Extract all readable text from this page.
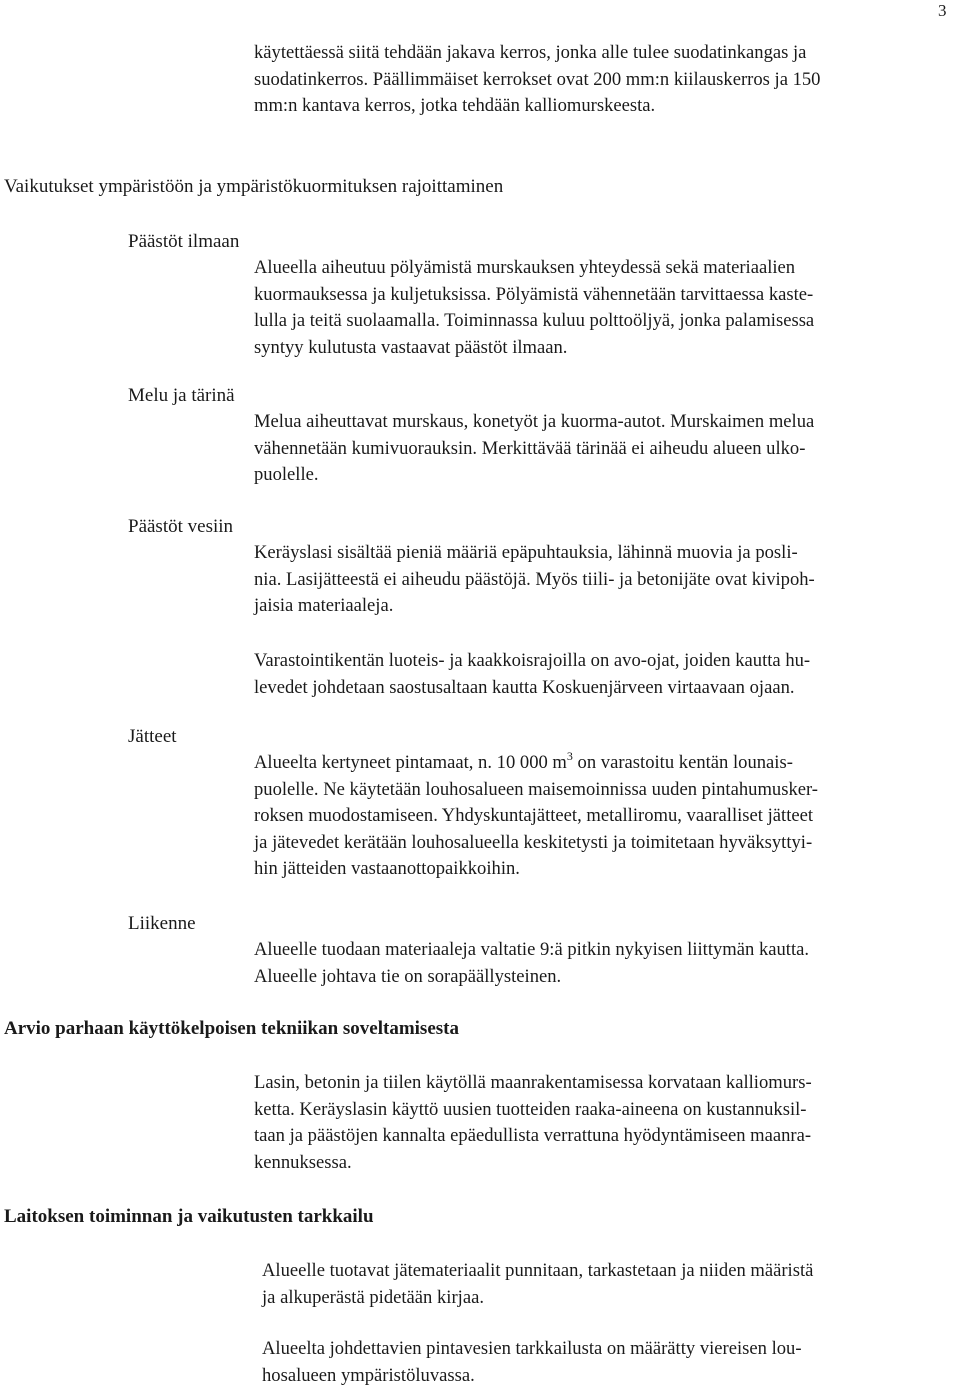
3
käytettäessä siitä tehdään jakava kerros, jonka alle tulee suodatinkangas ja
suodatinkerros. Päällimmäiset kerrokset ovat 200 mm:n kiilauskerros ja 150
mm:n kantava kerros, jotka tehdään kalliomurskeesta.
Vaikutukset ympäristöön ja ympäristökuormituksen rajoittaminen
Päästöt ilmaan
Alueella aiheutuu pölyämistä murskauksen yhteydessä sekä materiaalien
kuormauksessa ja kuljetuksissa. Pölyämistä vähennetään tarvittaessa kaste-
lulla ja teitä suolaamalla. Toiminnassa kuluu polttoöljyä, jonka palamisessa
syntyy kulutusta vastaavat päästöt ilmaan.
Melu ja tärinä
Melua aiheuttavat murskaus, konetyöt ja kuorma-autot. Murskaimen melua
vähennetään kumivuorauksin. Merkittävää tärinää ei aiheudu alueen ulko-
puolelle.
Päästöt vesiin
Keräyslasi sisältää pieniä määriä epäpuhtauksia, lähinnä muovia ja posli-
nia. Lasijätteestä ei aiheudu päästöjä. Myös tiili- ja betonijäte ovat kivipoh-
jaisia materiaaleja.
Varastointikentän luoteis- ja kaakkoisrajoilla on avo-ojat, joiden kautta hu-
levedet johdetaan saostusaltaan kautta Koskuenjärveen virtaavaan ojaan.
Jätteet
Alueelta kertyneet pintamaat, n. 10 000 $m^3$ on varastoitu kentän lounais-
puolelle. Ne käytetään louhosalueen maisemoinnissa uuden pintahumusker-
roksen muodostamiseen. Yhdyskuntajätteet, metalliromu, vaaralliset jätteet
ja jätevedet kerätään louhosalueella keskitetysti ja toimitetaan hyväksyttyi-
hin jätteiden vastaanottopaikkoihin.
Liikenne
Alueelle tuodaan materiaaleja valtatie 9:ä pitkin nykyisen liittymän kautta.
Alueelle johtava tie on sorapäällysteinen.
Arvio parhaan käyttökelpoisen tekniikan soveltamisesta
Lasin, betonin ja tiilen käytöllä maanrakentamisessa korvataan kalliomurs-
ketta. Keräyslasin käyttö uusien tuotteiden raaka-aineena on kustannuksil-
taan ja päästöjen kannalta epäedullista verrattuna hyödyntämiseen maanra-
kennuksessa.
Laitoksen toiminnan ja vaikutusten tarkkailu
Alueelle tuotavat jätemateriaalit punnitaan, tarkastetaan ja niiden määristä
ja alkuperästä pidetään kirjaa.
Alueelta johdettavien pintavesien tarkkailusta on määrätty viereisen lou-
hosalueen ympäristöluvassa.
